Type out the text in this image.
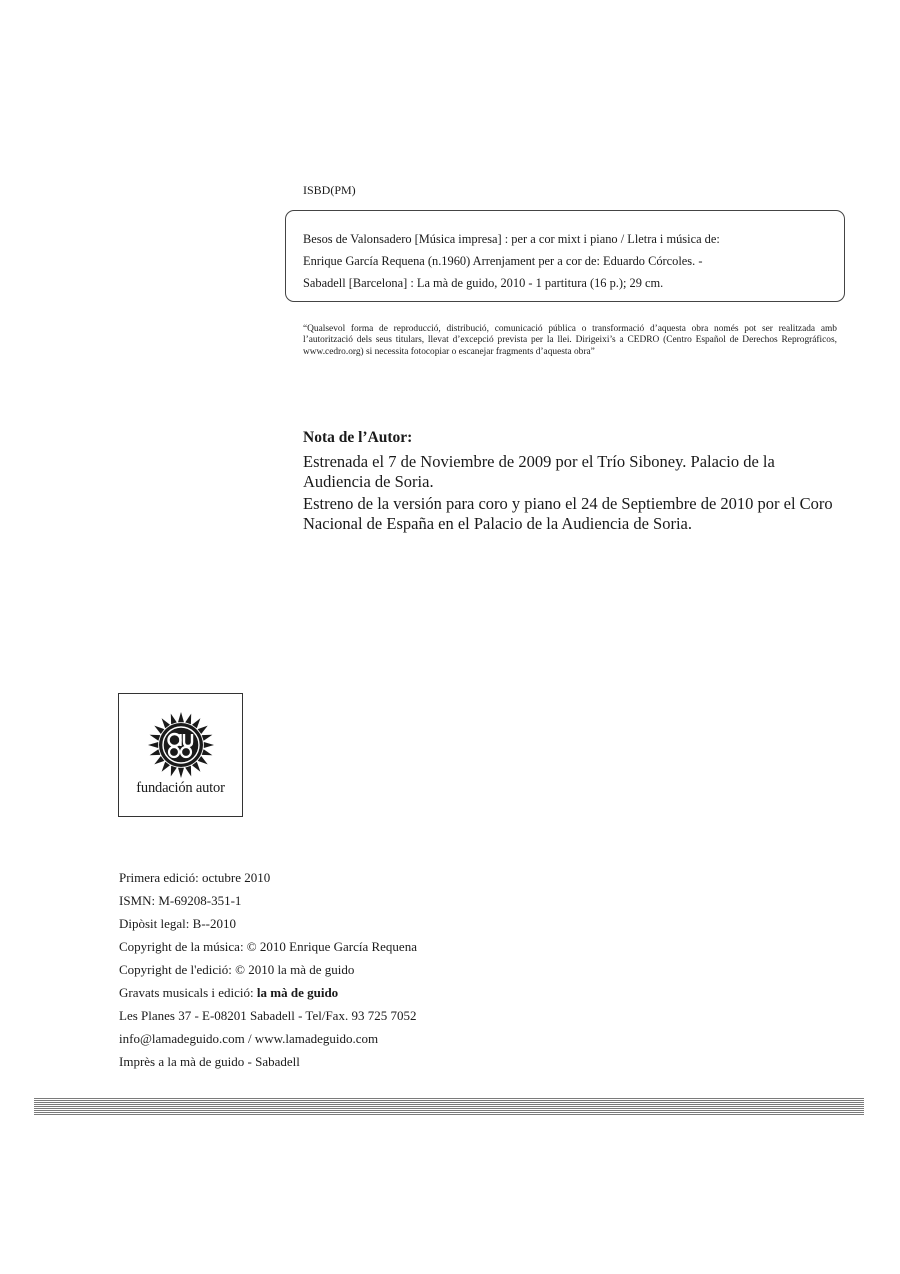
ISBD(PM)
Besos de Valonsadero [Música impresa] : per a cor mixt i piano / Lletra i música de:
Enrique García Requena (n.1960) Arrenjament per a cor de: Eduardo Córcoles. -
Sabadell [Barcelona] : La mà de guido, 2010 - 1 partitura (16 p.); 29 cm.
“Qualsevol forma de reproducció, distribució, comunicació pública o transformació d’aquesta obra només pot ser realitzada amb l’autorització dels seus titulars, llevat d’excepció prevista per la llei. Dirigeixi’s a CEDRO (Centro Español de Derechos Reprográficos, www.cedro.org) si necessita fotocopiar o escanejar fragments d’aquesta obra”
Nota de l’Autor:

Estrenada el 7 de Noviembre de 2009 por el Trío Siboney. Palacio de la Audiencia de Soria.

Estreno de la versión para coro y piano el 24 de Septiembre de 2010 por el Coro Nacional de España en el Palacio de la Audiencia de Soria.

fundación autor
Primera edició: octubre 2010
ISMN: M-69208-351-1
Dipòsit legal: B--2010
Copyright de la música: © 2010 Enrique García Requena
Copyright de l'edició: © 2010 la mà de guido
Gravats musicals i edició: la mà de guido
Les Planes 37 - E-08201 Sabadell - Tel/Fax. 93 725 7052
info@lamadeguido.com / www.lamadeguido.com
Imprès a la mà de guido - Sabadell
